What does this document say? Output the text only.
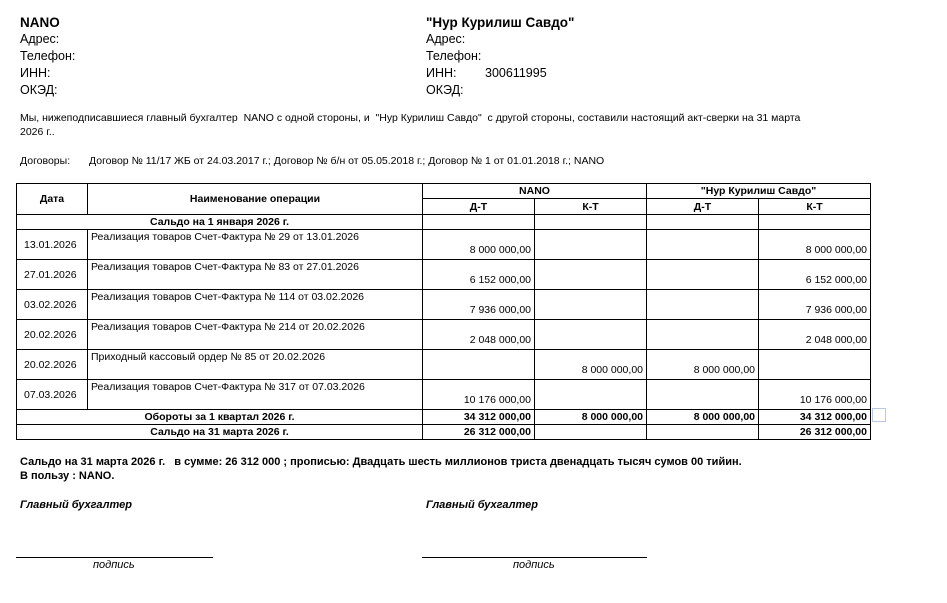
NANO
Адрес:
Телефон:
ИНН:
ОКЭД:
"Нур Курилиш Савдо"
Адрес:
Телефон:
ИНН: 300611995
ОКЭД:
Мы, нижеподписавшиеся главный бухгалтер  NANO с одной стороны, и  "Нур Курилиш Савдо"  с другой стороны, составили настоящий акт-сверки на 31 марта
2026 г..
Договоры: Договор № 11/17 ЖБ от 24.03.2017 г.; Договор № б/н от 05.05.2018 г.; Договор № 1 от 01.01.2018 г.; NANO
Дата	Наименование операции	NANO		"Нур Курилиш Савдо"	
		Д-Т	К-Т	Д-Т	К-Т
Сальдо на 1 января 2026 г.					
13.01.2026	Реализация товаров Счет-Фактура № 29 от 13.01.2026	8 000 000,00			8 000 000,00
27.01.2026	Реализация товаров Счет-Фактура № 83 от 27.01.2026	6 152 000,00			6 152 000,00
03.02.2026	Реализация товаров Счет-Фактура № 114 от 03.02.2026	7 936 000,00			7 936 000,00
20.02.2026	Реализация товаров Счет-Фактура № 214 от 20.02.2026	2 048 000,00			2 048 000,00
20.02.2026	Приходный кассовый ордер № 85 от 20.02.2026		8 000 000,00	8 000 000,00	
07.03.2026	Реализация товаров Счет-Фактура № 317 от 07.03.2026	10 176 000,00			10 176 000,00
Обороты за 1 квартал 2026 г.		34 312 000,00	8 000 000,00	8 000 000,00	34 312 000,00
Сальдо на 31 марта 2026 г.		26 312 000,00			26 312 000,00
Сальдо на 31 марта 2026 г.   в сумме: 26 312 000 ; прописью: Двадцать шесть миллионов триста двенадцать тысяч сумов 00 тийин.
В пользу : NANO.
Главный бухгалтер	Главный бухгалтер
подпись	подпись
